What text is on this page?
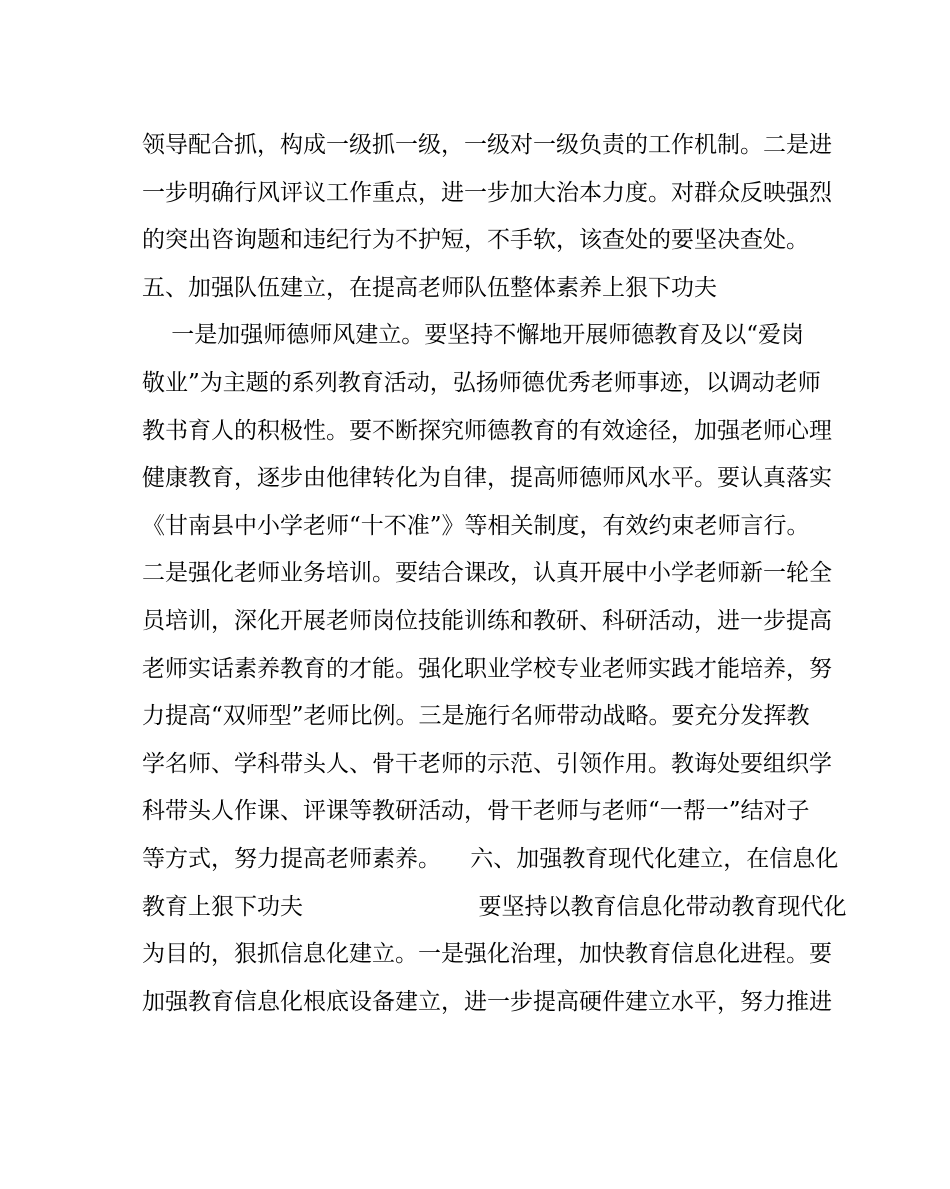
领导配合抓，构成一级抓一级，一级对一级负责的工作机制。二是进
一步明确行风评议工作重点，进一步加大治本力度。对群众反映强烈
的突出咨询题和违纪行为不护短，不手软，该查处的要坚决查处。
五、加强队伍建立，在提高老师队伍整体素养上狠下功夫
一是加强师德师风建立。要坚持不懈地开展师德教育及以“爱岗
敬业”为主题的系列教育活动，弘扬师德优秀老师事迹，以调动老师
教书育人的积极性。要不断探究师德教育的有效途径，加强老师心理
健康教育，逐步由他律转化为自律，提高师德师风水平。要认真落实
《甘南县中小学老师“十不准”》等相关制度，有效约束老师言行。
二是强化老师业务培训。要结合课改，认真开展中小学老师新一轮全
员培训，深化开展老师岗位技能训练和教研、科研活动，进一步提高
老师实话素养教育的才能。强化职业学校专业老师实践才能培养，努
力提高“双师型”老师比例。三是施行名师带动战略。要充分发挥教
学名师、学科带头人、骨干老师的示范、引领作用。教诲处要组织学
科带头人作课、评课等教研活动，骨干老师与老师“一帮一”结对子
等方式，努力提高老师素养。    六、加强教育现代化建立，在信息化
教育上狠下功夫                        要坚持以教育信息化带动教育现代化
为目的，狠抓信息化建立。一是强化治理，加快教育信息化进程。要
加强教育信息化根底设备建立，进一步提高硬件建立水平，努力推进
